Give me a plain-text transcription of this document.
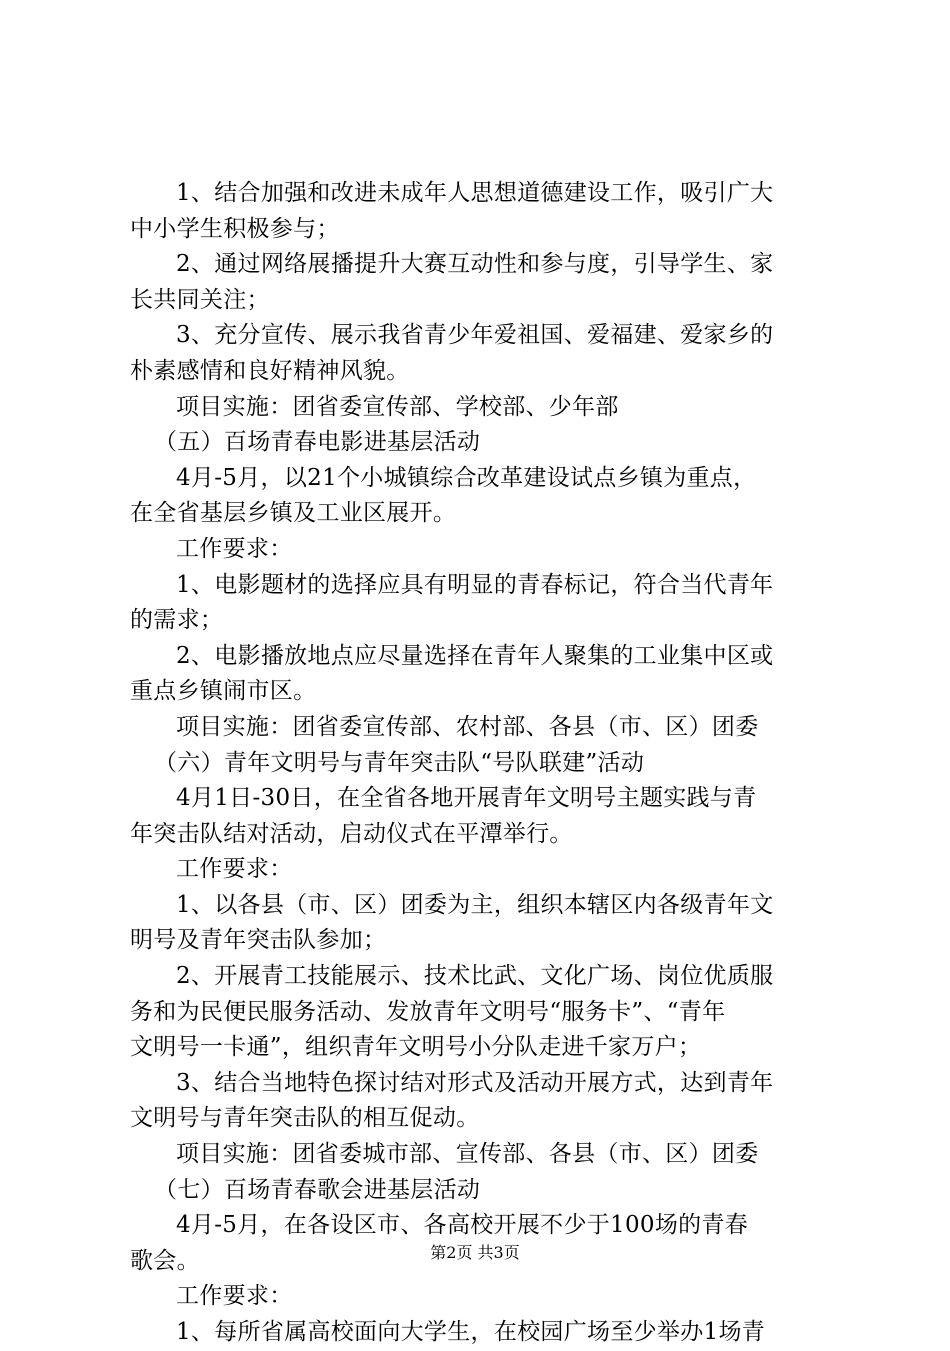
1、结合加强和改进未成年人思想道德建设工作，吸引广大
中小学生积极参与；
2、通过网络展播提升大赛互动性和参与度，引导学生、家
长共同关注；
3、充分宣传、展示我省青少年爱祖国、爱福建、爱家乡的
朴素感情和良好精神风貌。
项目实施：团省委宣传部、学校部、少年部
（五）百场青春电影进基层活动
4月-5月，以21个小城镇综合改革建设试点乡镇为重点，
在全省基层乡镇及工业区展开。
工作要求：
1、电影题材的选择应具有明显的青春标记，符合当代青年
的需求；
2、电影播放地点应尽量选择在青年人聚集的工业集中区或
重点乡镇闹市区。
项目实施：团省委宣传部、农村部、各县（市、区）团委
（六）青年文明号与青年突击队“号队联建”活动
4月1日-30日，在全省各地开展青年文明号主题实践与青
年突击队结对活动，启动仪式在平潭举行。
工作要求：
1、以各县（市、区）团委为主，组织本辖区内各级青年文
明号及青年突击队参加；
2、开展青工技能展示、技术比武、文化广场、岗位优质服
务和为民便民服务活动、发放青年文明号“服务卡”、“青年
文明号一卡通”，组织青年文明号小分队走进千家万户；
3、结合当地特色探讨结对形式及活动开展方式，达到青年
文明号与青年突击队的相互促动。
项目实施：团省委城市部、宣传部、各县（市、区）团委
（七）百场青春歌会进基层活动
4月-5月，在各设区市、各高校开展不少于100场的青春
歌会。
工作要求：
1、每所省属高校面向大学生，在校园广场至少举办1场青
第2页 共3页
